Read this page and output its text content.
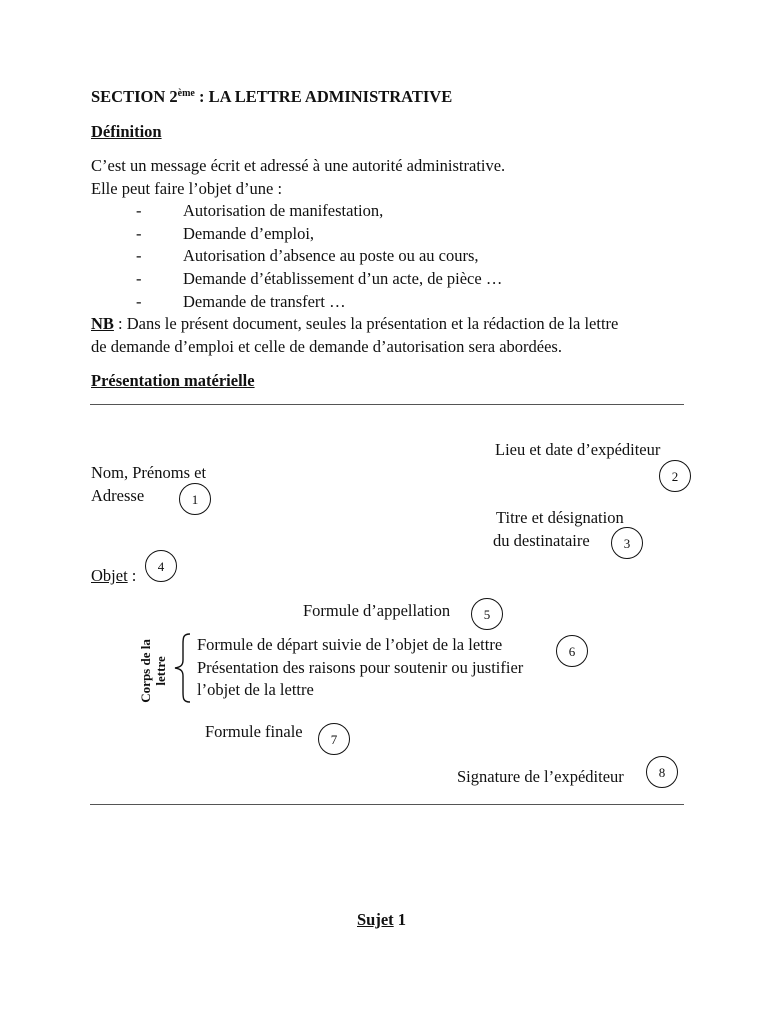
SECTION 2ème : LA LETTRE ADMINISTRATIVE
Définition
C’est un message écrit et adressé à une autorité administrative.
Elle peut faire l’objet d’une :
-	Autorisation de manifestation,
-	Demande d’emploi,
-	Autorisation d’absence au poste ou au cours,
-	Demande d’établissement d’un acte, de pièce …
-	Demande de transfert …
NB : Dans le présent document, seules la présentation et la rédaction de la lettre
de demande d’emploi et celle de demande d’autorisation sera abordées.
Présentation matérielle
Lieu et date d’expéditeur
2
Nom, Prénoms et
Adresse	1
Titre et désignation
du destinataire	3
Objet :	4
Formule d’appellation	5
Corps de la lettre
Formule de départ suivie de l’objet de la lettre
Présentation des raisons pour soutenir ou justifier
l’objet de la lettre
6
Formule finale	7
Signature de l’expéditeur	8
Sujet 1
